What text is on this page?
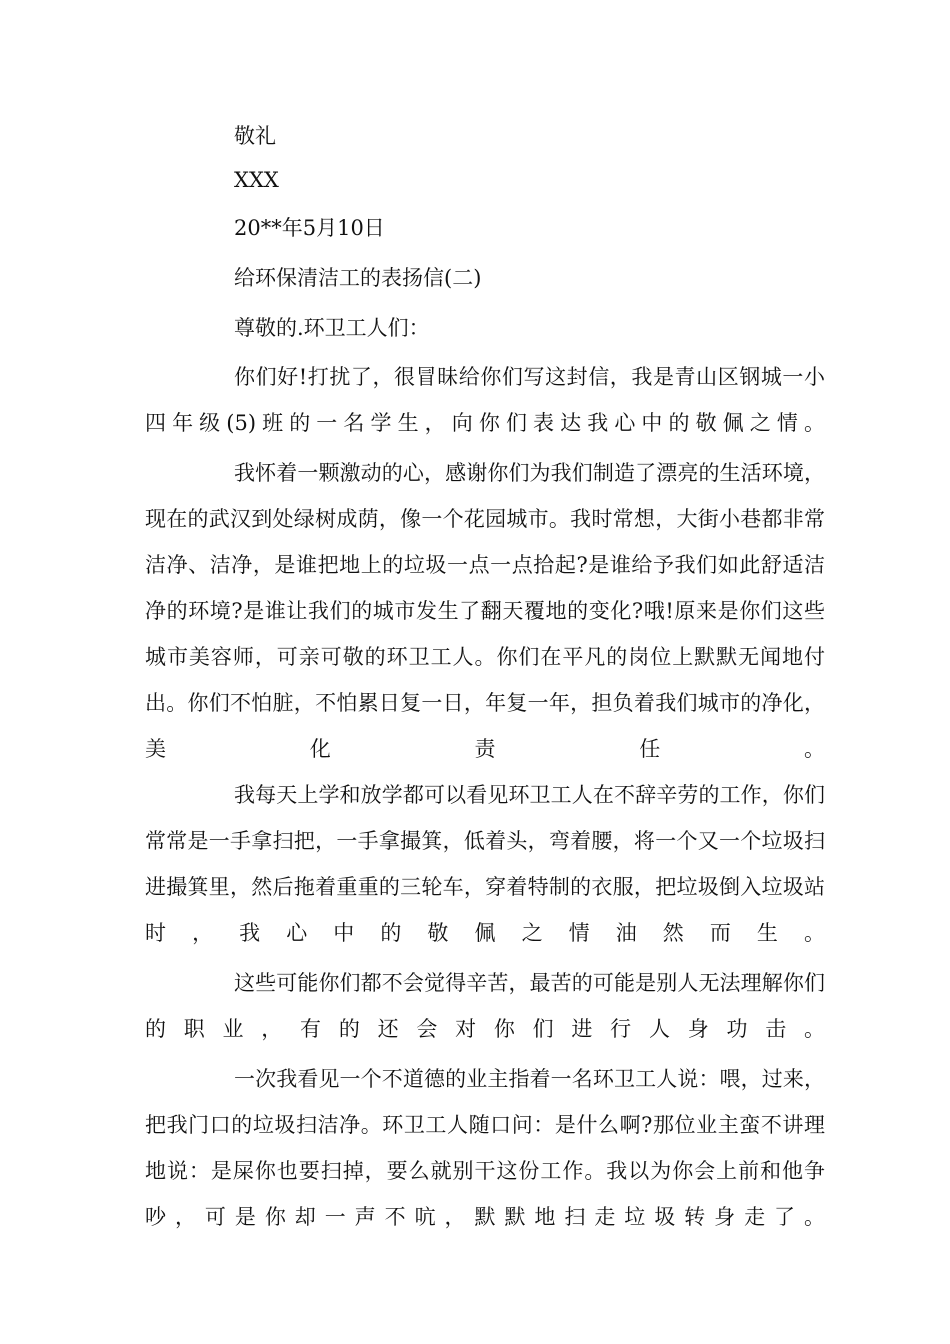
敬礼
XXX
20**年5月10日
给环保清洁工的表扬信(二)
尊敬的.环卫工人们：
你们好!打扰了，很冒昧给你们写这封信，我是青山区钢城一小四年级(5)班的一名学生，向你们表达我心中的敬佩之情。
我怀着一颗激动的心，感谢你们为我们制造了漂亮的生活环境，现在的武汉到处绿树成荫，像一个花园城市。我时常想，大街小巷都非常洁净、洁净，是谁把地上的垃圾一点一点拾起?是谁给予我们如此舒适洁净的环境?是谁让我们的城市发生了翻天覆地的变化?哦!原来是你们这些城市美容师，可亲可敬的环卫工人。你们在平凡的岗位上默默无闻地付出。你们不怕脏，不怕累日复一日，年复一年，担负着我们城市的净化，美化责任。
我每天上学和放学都可以看见环卫工人在不辞辛劳的工作，你们常常是一手拿扫把，一手拿撮箕，低着头，弯着腰，将一个又一个垃圾扫进撮箕里，然后拖着重重的三轮车，穿着特制的衣服，把垃圾倒入垃圾站时，我心中的敬佩之情油然而生。
这些可能你们都不会觉得辛苦，最苦的可能是别人无法理解你们的职业，有的还会对你们进行人身功击。
一次我看见一个不道德的业主指着一名环卫工人说：喂，过来，把我门口的垃圾扫洁净。环卫工人随口问：是什么啊?那位业主蛮不讲理地说：是屎你也要扫掉，要么就别干这份工作。我以为你会上前和他争吵，可是你却一声不吭，默默地扫走垃圾转身走了。
